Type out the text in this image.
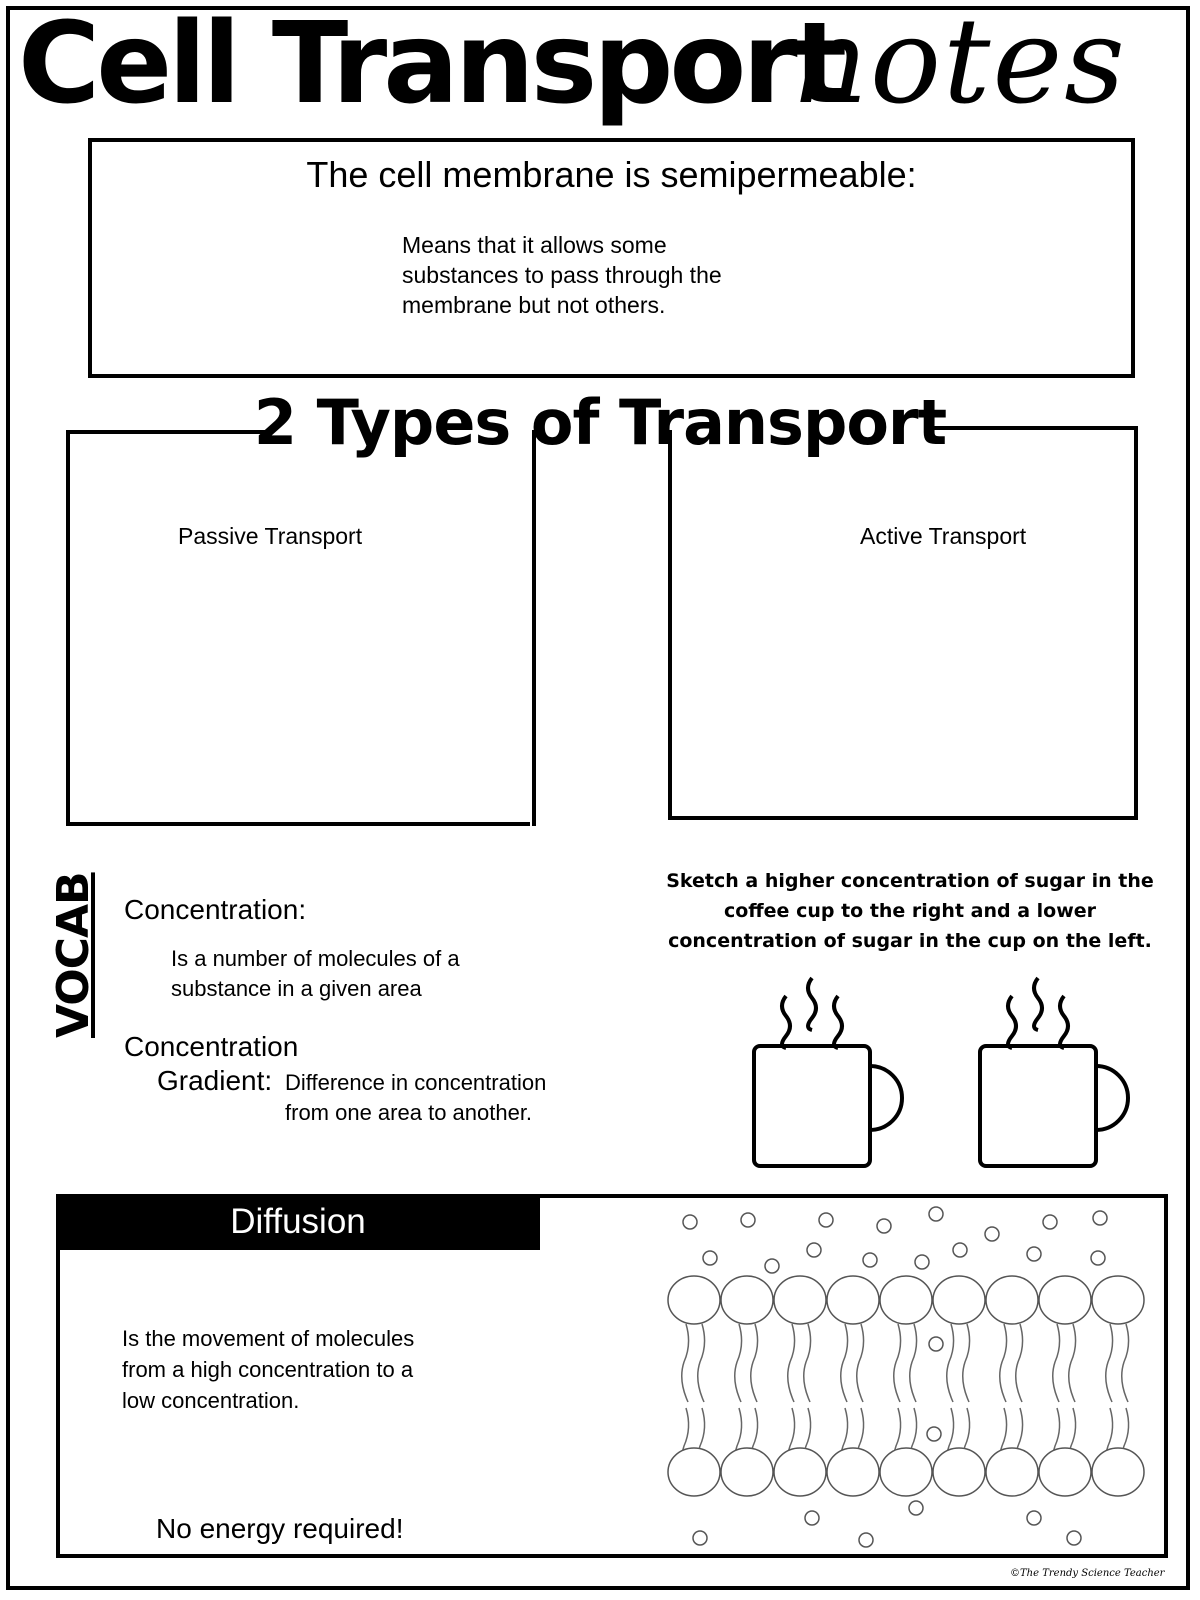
Cell Transport
notes
The cell membrane is semipermeable:
Means that it allows some substances to pass through the membrane but not others.
2 Types of Transport
Passive Transport	Active Transport
VOCAB Concentration:
Is a number of molecules of a substance in a given area
Concentration
Gradient: Difference in concentration from one area to another.
Sketch a higher concentration of sugar in the coffee cup to the right and a lower concentration of sugar in the cup on the left.
Diffusion
Is the movement of molecules from a high concentration to a low concentration.
No energy required!
©The Trendy Science Teacher
